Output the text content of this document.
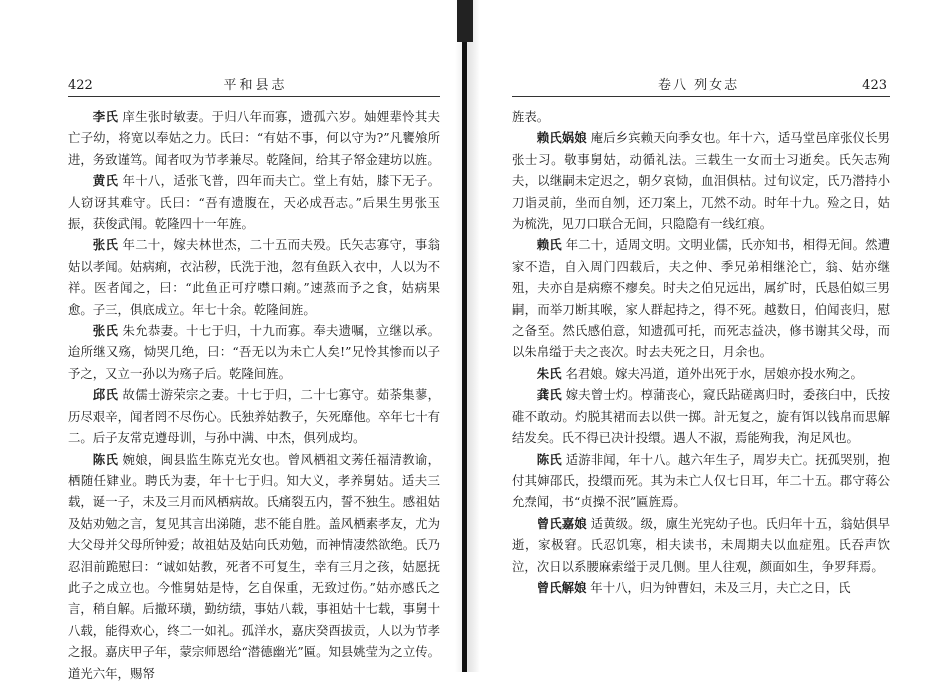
422	平和县志

李氏 庠生张时敏妻。于归八年而寡，遗孤六岁。妯娌辈怜其夫亡子幼，将宽以奉姑之力。氏曰：“有姑不事，何以守为?”凡饔飧所进，务致谨笃。闻者叹为节孝兼尽。乾隆间，给其子帑金建坊以旌。

黄氏 年十八，适张飞普，四年而夫亡。堂上有姑，膝下无子。人窃讶其难守。氏曰：“吾有遗腹在，天必成吾志。”后果生男张玉振，获俊武闱。乾隆四十一年旌。

张氏 年二十，嫁夫林世杰，二十五而夫殁。氏矢志寡守，事翁姑以孝闻。姑病痢，衣沾秽，氏洗于池，忽有鱼跃入衣中，人以为不祥。医者闻之，曰：“此鱼正可疗噤口痢。”速蒸而予之食，姑病果愈。子三，俱底成立。年七十余。乾隆间旌。

张氏 朱允恭妻。十七于归，十九而寡。奉夫遗嘱，立继以承。迨所继又殇，恸哭几绝，曰：“吾无以为未亡人矣!”兄怜其惨而以子予之，又立一孙以为殇子后。乾隆间旌。

邱氏 故儒士游荣宗之妻。十七于归，二十七寡守。茹荼集蓼，历尽艰辛，闻者罔不尽伤心。氏独养姑教子，矢死靡他。卒年七十有二。后子友常克遵母训，与孙中满、中杰，俱列成均。

陈氏 婉娘，闽县监生陈克光女也。曾风栖祖文莠任福清教谕，栖随任肄业。聘氏为妻，年十七于归。知大义，孝养舅姑。适夫三载，诞一子，未及三月而风栖病故。氏痛裂五内，誓不独生。感祖姑及姑劝勉之言，复见其言出涕随，悲不能自胜。盖风栖素孝友，尤为大父母并父母所钟爱；故祖姑及姑向氏劝勉，而神情凄然欲绝。氏乃忍泪前跪慰曰：“诚如姑教，死者不可复生，幸有三月之孩，姑愿抚此子之成立也。今惟舅姑是恃，乞自保重，无致过伤。”姑亦感氏之言，稍自解。后撤环璜，勤纺绩，事姑八载，事祖姑十七载，事舅十八载，能得欢心，终二一如礼。孤洋水，嘉庆癸酉拔贡，人以为节孝之报。嘉庆甲子年，蒙宗师恩给“潜德幽光”匾。知县姚莹为之立传。道光六年，赐帑

卷八 列女志	423

旌表。

赖氏娲娘 庵后乡宾赖天向季女也。年十六，适马堂邑庠张仪长男张士习。敬事舅姑，动循礼法。三载生一女而士习逝矣。氏矢志殉夫，以继嗣未定迟之，朝夕哀恸，血泪俱枯。过旬议定，氏乃潜持小刀诣灵前，坐而自刎，还刀案上，兀然不动。时年十九。殓之日，姑为梳洗，见刀口联合无间，只隐隐有一线红痕。

赖氏 年二十，适周文明。文明业儒，氏亦知书，相得无间。然遭家不造，自入周门四载后，夫之仲、季兄弟相继沦亡，翁、姑亦继殂，夫亦自是病瘵不瘳矣。时夫之伯兄远出，属纩时，氏恳伯姒三男嗣，而举刀断其喉，家人群起持之，得不死。越数日，伯闻丧归，慰之备至。然氏感伯意，知遗孤可托，而死志益决，修书谢其父母，而以朱帛缢于夫之丧次。时去夫死之日，月余也。

朱氏 名君娘。嫁夫冯道，道外出死于水，居娘亦投水殉之。

龚氏 嫁夫曾士灼。椁蒲丧心，窥氏跕磋离归时，委孩臼中，氏按碓不敢动。灼脱其裙而去以供一掷。計无复之，旋有饵以钱帛而思解结发矣。氏不得已决计投缳。遇人不淑，焉能殉我，洵足风也。

陈氏 适游非闻，年十八。越六年生子，周岁夫亡。抚孤哭别，抱付其婶邵氏，投缳而死。其为未亡人仅七日耳，年二十五。郡守蒋公允焘闻，书“贞操不泯”匾旌焉。

曾氏嘉娘 适黄级。级，廪生光宪幼子也。氏归年十五，翁姑俱早逝，家极窘。氏忍饥寒，相夫读书，未周期夫以血症殂。氏吞声饮泣，次日以系腰麻索缢于灵几侧。里人往观，颜面如生，争罗拜焉。

曾氏解娘 年十八，归为钟曹妇，未及三月，夫亡之日，氏
